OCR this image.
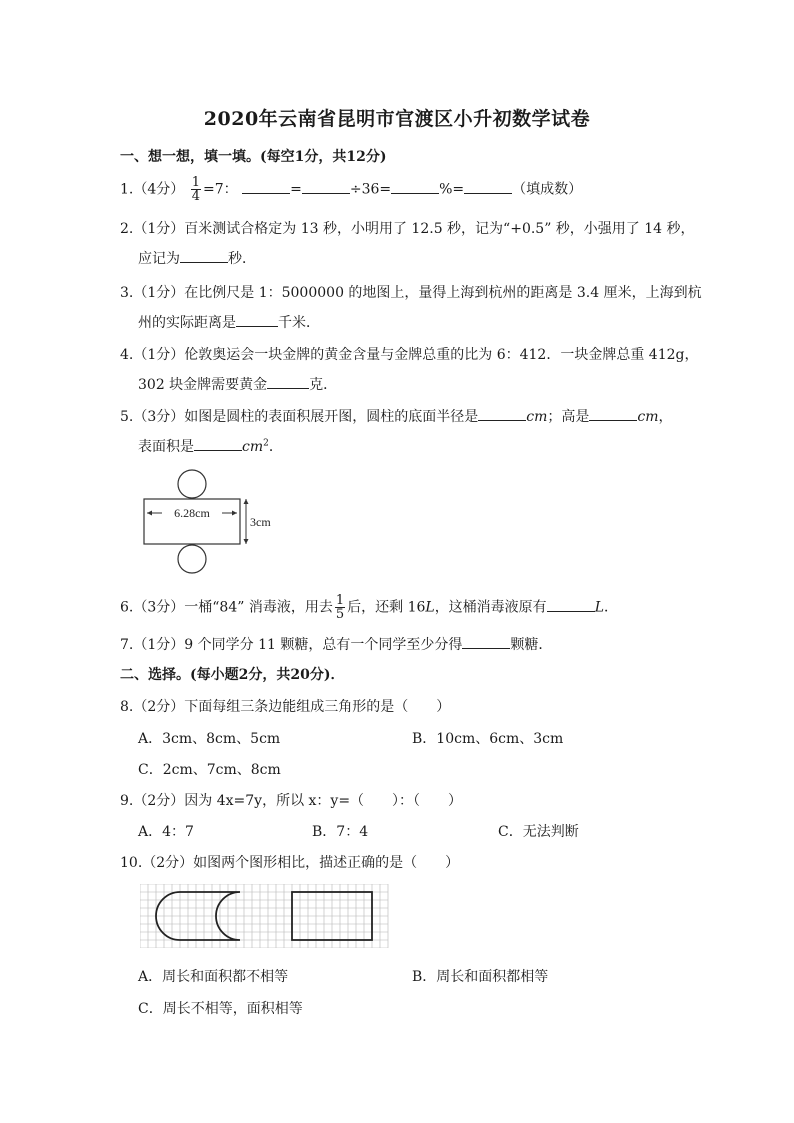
2020年云南省昆明市官渡区小升初数学试卷
一、想一想，填一填。(每空1分，共12分)
1.（4分） $\frac{1}{4} =7$：	=	÷36=	%=	（填成数）
2.（1分）百米测试合格定为 13 秒，小明用了 12.5 秒，记为“+0.5” 秒，小强用了 14 秒，
应记为	秒．
3.（1分）在比例尺是 1：5000000 的地图上，量得上海到杭州的距离是 3.4 厘米，上海到杭
州的实际距离是	千米．
4.（1分）伦敦奥运会一块金牌的黄金含量与金牌总重的比为 6：412．一块金牌总重 412g，
302 块金牌需要黄金	克．
5.（3分）如图是圆柱的表面积展开图，圆柱的底面半径是	cm；高是	cm，
表面积是	$cm^2$．
6.28cm
3cm
6.（3分）一桶“84” 消毒液，用去 $\frac{1}{5}$ 后，还剩 16L，这桶消毒液原有	L．
7.（1分）9 个同学分 11 颗糖，总有一个同学至少分得	颗糖．
二、选择。(每小题2分，共20分)．
8.（2分）下面每组三条边能组成三角形的是（　　）
A．3cm、8cm、5cm	B．10cm、6cm、3cm
C．2cm、7cm、8cm
9.（2分）因为 4x=7y，所以 x：y=（　　）：（　　）
A．4：7	B．7：4	C．无法判断
10.（2分）如图两个图形相比，描述正确的是（　　）
A．周长和面积都不相等	B．周长和面积都相等
C．周长不相等，面积相等
